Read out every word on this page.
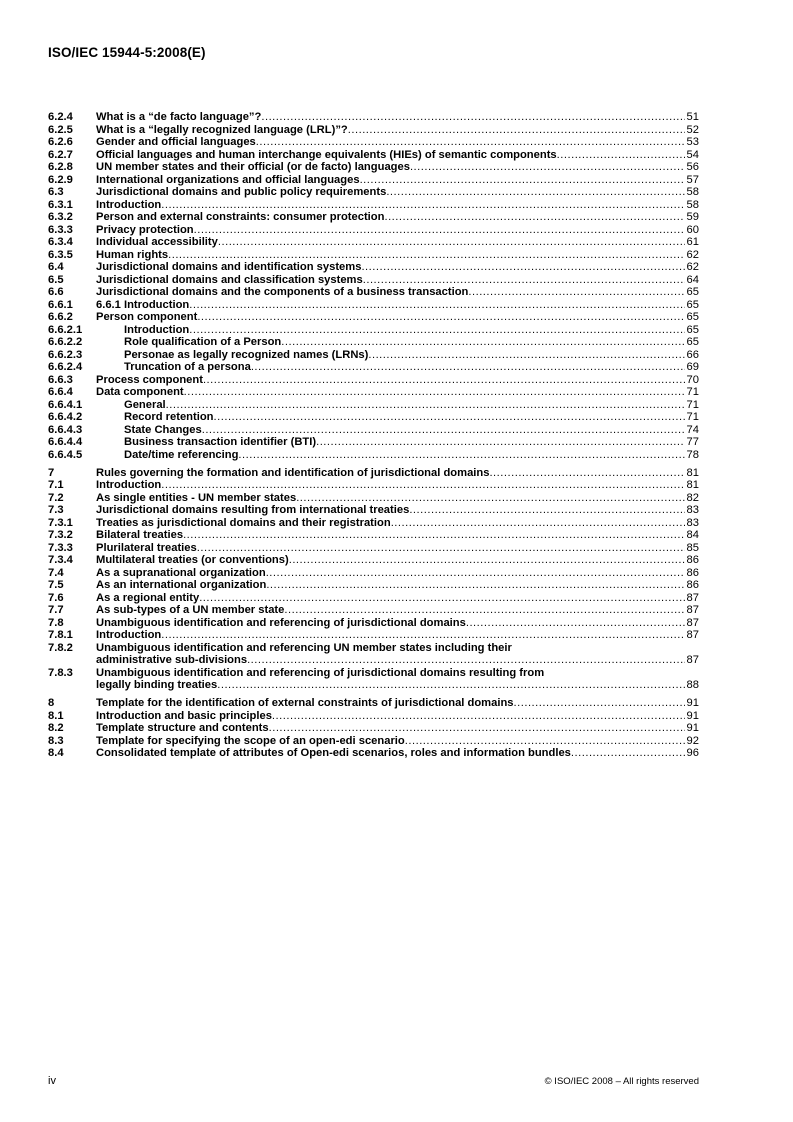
ISO/IEC 15944-5:2008(E)
6.2.4	What is a “de facto language”? .....	51
6.2.5	What is a “legally recognized language (LRL)”? .....	52
6.2.6	Gender and official languages .....	53
6.2.7	Official languages and human interchange equivalents (HIEs) of semantic components .....	54
6.2.8	UN member states and their official (or de facto) languages .....	56
6.2.9	International organizations and official languages .....	57
6.3	Jurisdictional domains and public policy requirements .....	58
6.3.1	Introduction .....	58
6.3.2	Person and external constraints: consumer protection .....	59
6.3.3	Privacy protection .....	60
6.3.4	Individual accessibility .....	61
6.3.5	Human rights .....	62
6.4	Jurisdictional domains and identification systems .....	62
6.5	Jurisdictional domains and classification systems .....	64
6.6	Jurisdictional domains and the components of a business transaction .....	65
6.6.1	6.6.1 Introduction .....	65
6.6.2	Person component .....	65
6.6.2.1	Introduction .....	65
6.6.2.2	Role qualification of a Person .....	65
6.6.2.3	Personae as legally recognized names (LRNs) .....	66
6.6.2.4	Truncation of a persona .....	69
6.6.3	Process component .....	70
6.6.4	Data component .....	71
6.6.4.1	General .....	71
6.6.4.2	Record retention .....	71
6.6.4.3	State Changes .....	74
6.6.4.4	Business transaction identifier (BTI) .....	77
6.6.4.5	Date/time referencing .....	78
7	Rules governing the formation and identification of jurisdictional domains .....	81
7.1	Introduction .....	81
7.2	As single entities - UN member states .....	82
7.3	Jurisdictional domains resulting from international treaties .....	83
7.3.1	Treaties as jurisdictional domains and their registration .....	83
7.3.2	Bilateral treaties .....	84
7.3.3	Plurilateral treaties .....	85
7.3.4	Multilateral treaties (or conventions) .....	86
7.4	As a supranational organization .....	86
7.5	As an international organization .....	86
7.6	As a regional entity .....	87
7.7	As sub-types of a UN member state .....	87
7.8	Unambiguous identification and referencing of jurisdictional domains .....	87
7.8.1	Introduction .....	87
7.8.2	Unambiguous identification and referencing UN member states including their
administrative sub-divisions .....	87
7.8.3	Unambiguous identification and referencing of jurisdictional domains resulting from
legally binding treaties .....	88
8	Template for the identification of external constraints of jurisdictional domains .....	91
8.1	Introduction and basic principles .....	91
8.2	Template structure and contents .....	91
8.3	Template for specifying the scope of an open-edi scenario .....	92
8.4	Consolidated template of attributes of Open-edi scenarios, roles and information bundles .....	96
iv	© ISO/IEC 2008 – All rights reserved
